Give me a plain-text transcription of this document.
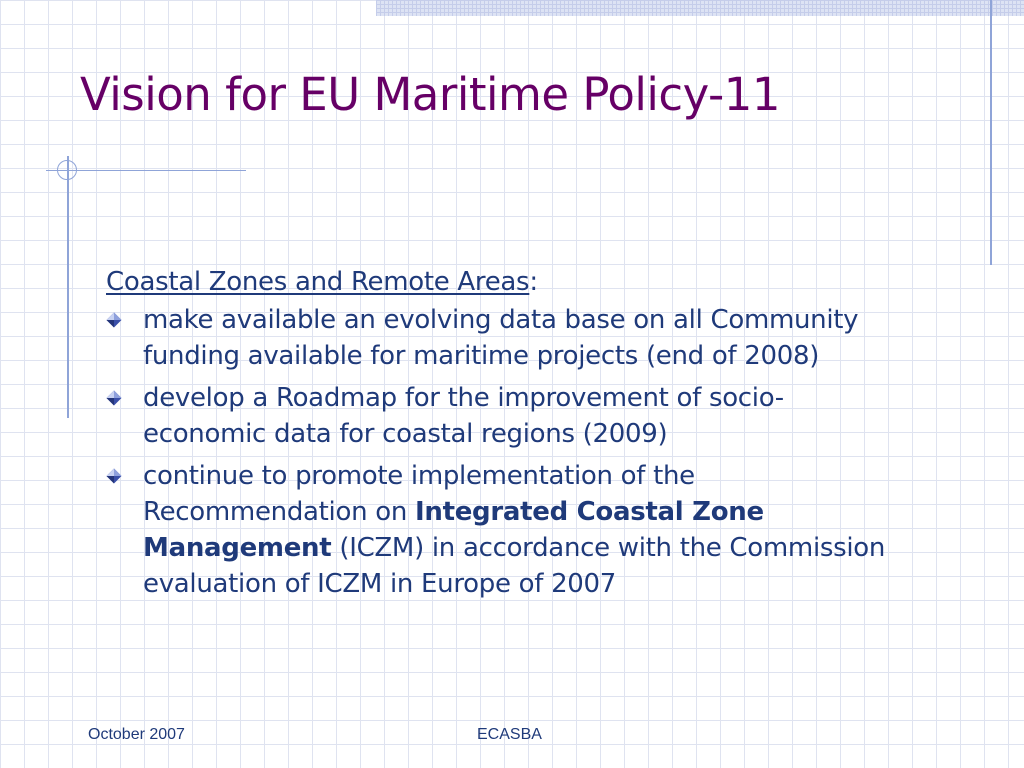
Vision for EU Maritime Policy-11

Coastal Zones and Remote Areas:

make available an evolving data base on all Community funding available for maritime projects (end of 2008)
develop a Roadmap for the improvement of socio-economic data for coastal regions (2009)
continue to promote implementation of the Recommendation on Integrated Coastal Zone Management (ICZM) in accordance with the Commission evaluation of ICZM in Europe of 2007
October 2007	ECASBA
